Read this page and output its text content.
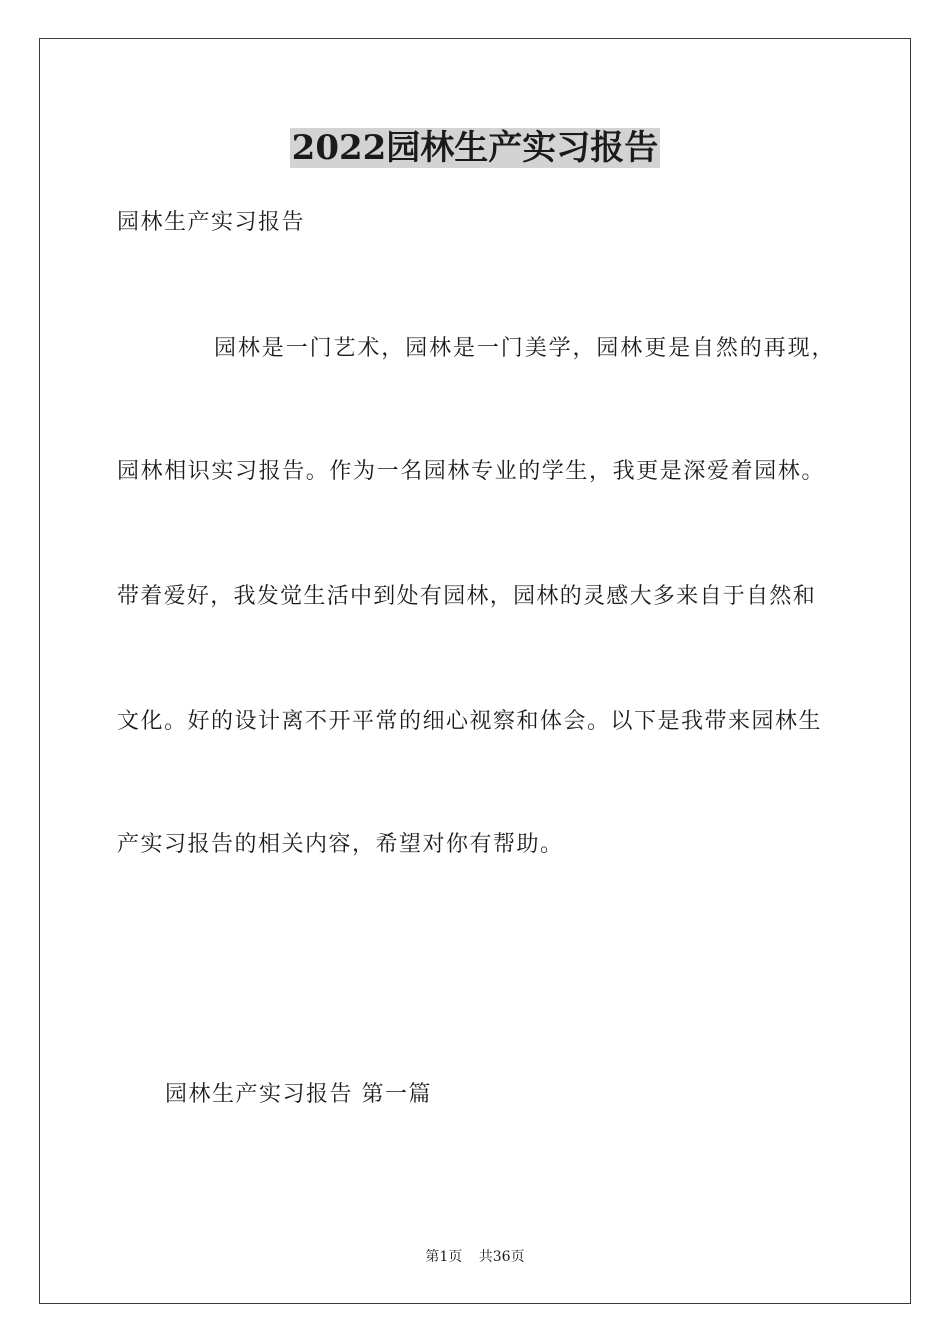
2022园林生产实习报告
园林生产实习报告
园林是一门艺术，园林是一门美学，园林更是自然的再现，
园林相识实习报告。作为一名园林专业的学生，我更是深爱着园林。
带着爱好，我发觉生活中到处有园林，园林的灵感大多来自于自然和
文化。好的设计离不开平常的细心视察和体会。以下是我带来园林生
产实习报告的相关内容，希望对你有帮助。
园林生产实习报告 第一篇
第1页 共36页
